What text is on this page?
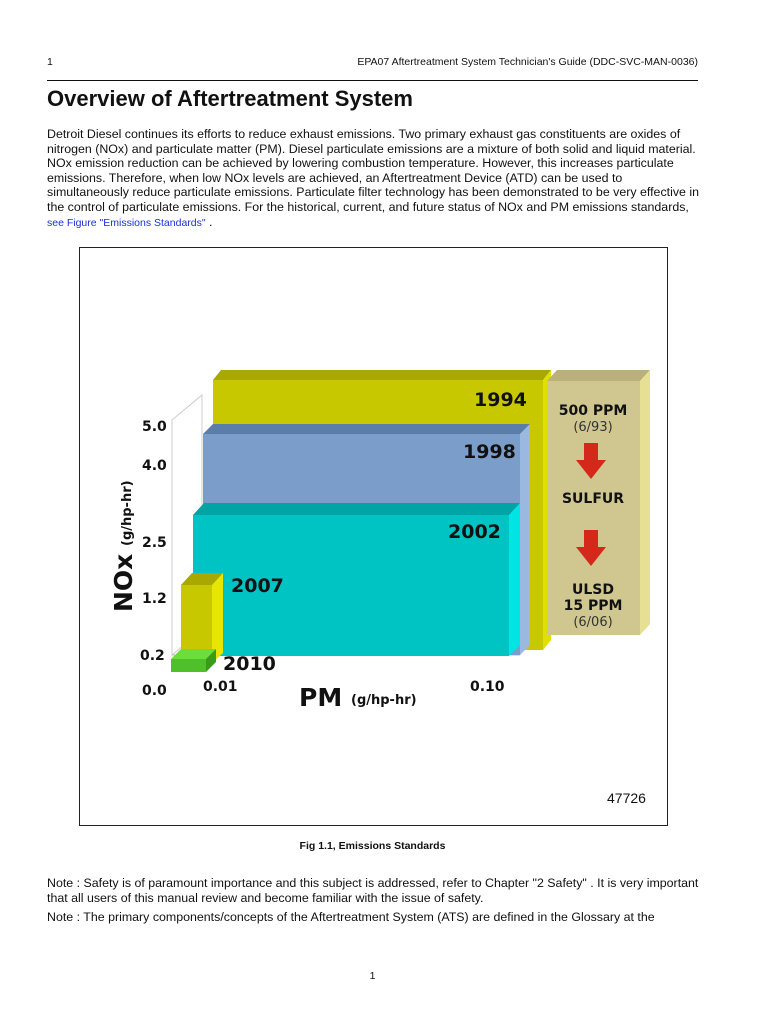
1	EPA07 Aftertreatment System Technician's Guide (DDC-SVC-MAN-0036)
Overview of Aftertreatment System

Detroit Diesel continues its efforts to reduce exhaust emissions. Two primary exhaust gas constituents are oxides of nitrogen (NOx) and particulate matter (PM). Diesel particulate emissions are a mixture of both solid and liquid material. NOx emission reduction can be achieved by lowering combustion temperature. However, this increases particulate emissions. Therefore, when low NOx levels are achieved, an Aftertreatment Device (ATD) can be used to simultaneously reduce particulate emissions. Particulate filter technology has been demonstrated to be very effective in the control of particulate emissions. For the historical, current, and future status of NOx and PM emissions standards, see Figure "Emissions Standards" .

1994
1998
2002
2007
2010
5.0
4.0
2.5
1.2
0.2
0.0	0.01	0.10
NOx
(g/hp-hr)
PM (g/hp-hr)
500 PPM
(6/93)
SULFUR
ULSD
15 PPM
(6/06)
47726
Fig 1.1, Emissions Standards

Note : Safety is of paramount importance and this subject is addressed, refer to Chapter "2 Safety" . It is very important that all users of this manual review and become familiar with the issue of safety.

Note : The primary components/concepts of the Aftertreatment System (ATS) are defined in the Glossary at the

1
